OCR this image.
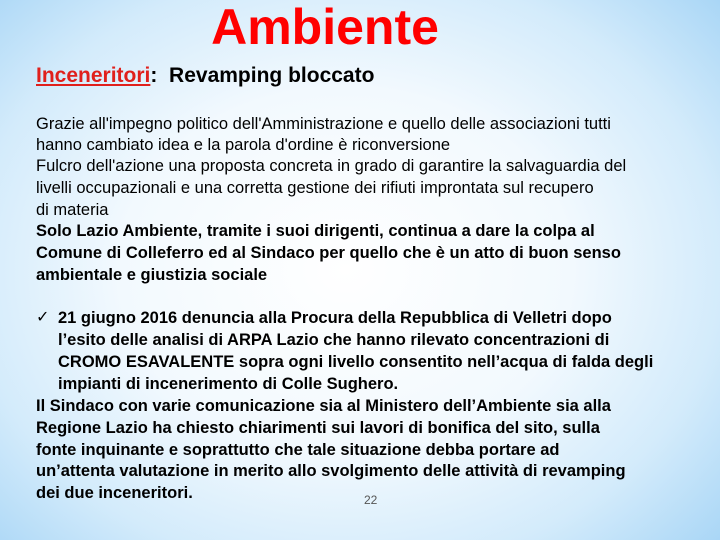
Ambiente
Inceneritori: Revamping bloccato
Grazie all'impegno politico dell'Amministrazione e quello delle associazioni tutti
hanno cambiato idea e la parola d'ordine è riconversione
Fulcro dell'azione una proposta concreta in grado di garantire la salvaguardia del
livelli occupazionali e una corretta gestione dei rifiuti improntata sul recupero
di materia
Solo Lazio Ambiente, tramite i suoi dirigenti, continua a dare la colpa al
Comune di Colleferro ed al Sindaco per quello che è un atto di buon senso
ambientale e giustizia sociale
✓ 21 giugno 2016 denuncia alla Procura della Repubblica di Velletri dopo
l’esito delle analisi di ARPA Lazio che hanno rilevato concentrazioni di
CROMO ESAVALENTE sopra ogni livello consentito nell’acqua di falda degli
impianti di incenerimento di Colle Sughero.
Il Sindaco con varie comunicazione sia al Ministero dell’Ambiente sia alla
Regione Lazio ha chiesto chiarimenti sui lavori di bonifica del sito, sulla
fonte inquinante e soprattutto che tale situazione debba portare ad
un’attenta valutazione in merito allo svolgimento delle attività di revamping
dei due inceneritori.	22
